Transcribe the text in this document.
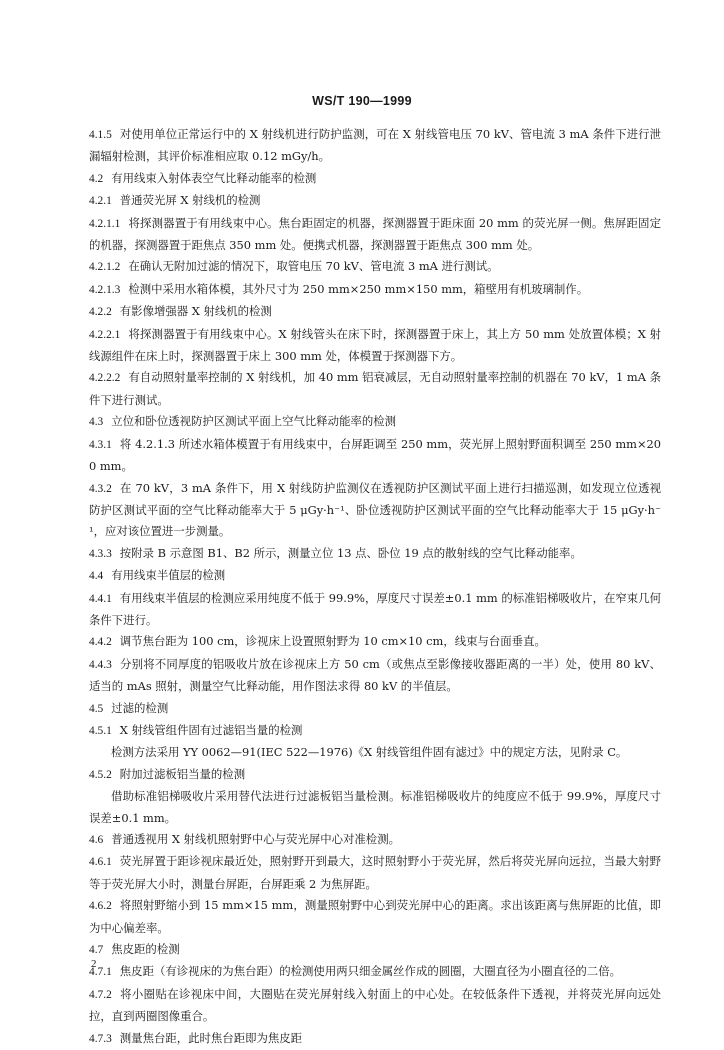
WS/T 190—1999

4.1.5 对使用单位正常运行中的 X 射线机进行防护监测，可在 X 射线管电压 70 kV、管电流 3 mA 条件下进行泄漏辐射检测，其评价标准相应取 0.12 mGy/h。

4.2 有用线束入射体表空气比释动能率的检测

4.2.1 普通荧光屏 X 射线机的检测

4.2.1.1 将探测器置于有用线束中心。焦台距固定的机器，探测器置于距床面 20 mm 的荧光屏一侧。焦屏距固定的机器，探测器置于距焦点 350 mm 处。便携式机器，探测器置于距焦点 300 mm 处。

4.2.1.2 在确认无附加过滤的情况下，取管电压 70 kV、管电流 3 mA 进行测试。

4.2.1.3 检测中采用水箱体模，其外尺寸为 250 mm×250 mm×150 mm，箱壁用有机玻璃制作。

4.2.2 有影像增强器 X 射线机的检测

4.2.2.1 将探测器置于有用线束中心。X 射线管头在床下时，探测器置于床上，其上方 50 mm 处放置体模；X 射线源组件在床上时，探测器置于床上 300 mm 处，体模置于探测器下方。

4.2.2.2 有自动照射量率控制的 X 射线机，加 40 mm 铝衰减层，无自动照射量率控制的机器在 70 kV，1 mA 条件下进行测试。

4.3 立位和卧位透视防护区测试平面上空气比释动能率的检测

4.3.1 将 4.2.1.3 所述水箱体模置于有用线束中，台屏距调至 250 mm，荧光屏上照射野面积调至 250 mm×200 mm。

4.3.2 在 70 kV，3 mA 条件下，用 X 射线防护监测仪在透视防护区测试平面上进行扫描巡测，如发现立位透视防护区测试平面的空气比释动能率大于 5 μGy·h⁻¹、卧位透视防护区测试平面的空气比释动能率大于 15 μGy·h⁻¹，应对该位置进一步测量。

4.3.3 按附录 B 示意图 B1、B2 所示，测量立位 13 点、卧位 19 点的散射线的空气比释动能率。

4.4 有用线束半值层的检测

4.4.1 有用线束半值层的检测应采用纯度不低于 99.9%，厚度尺寸误差±0.1 mm 的标准铝梯吸收片，在窄束几何条件下进行。

4.4.2 调节焦台距为 100 cm，诊视床上设置照射野为 10 cm×10 cm，线束与台面垂直。

4.4.3 分别将不同厚度的铝吸收片放在诊视床上方 50 cm（或焦点至影像接收器距离的一半）处，使用 80 kV、适当的 mAs 照射，测量空气比释动能，用作图法求得 80 kV 的半值层。

4.5 过滤的检测

4.5.1 X 射线管组件固有过滤铝当量的检测

检测方法采用 YY 0062—91(IEC 522—1976)《X 射线管组件固有滤过》中的规定方法，见附录 C。

4.5.2 附加过滤板铝当量的检测

借助标准铝梯吸收片采用替代法进行过滤板铝当量检测。标准铝梯吸收片的纯度应不低于 99.9%，厚度尺寸误差±0.1 mm。

4.6 普通透视用 X 射线机照射野中心与荧光屏中心对准检测。

4.6.1 荧光屏置于距诊视床最近处，照射野开到最大，这时照射野小于荧光屏，然后将荧光屏向远拉，当最大射野等于荧光屏大小时，测量台屏距，台屏距乘 2 为焦屏距。

4.6.2 将照射野缩小到 15 mm×15 mm，测量照射野中心到荧光屏中心的距离。求出该距离与焦屏距的比值，即为中心偏差率。

4.7 焦皮距的检测

4.7.1 焦皮距（有诊视床的为焦台距）的检测使用两只细金属丝作成的圆圈，大圈直径为小圈直径的二倍。

4.7.2 将小圈贴在诊视床中间，大圈贴在荧光屏射线入射面上的中心处。在较低条件下透视，并将荧光屏向远处拉，直到两圈图像重合。

4.7.3 测量焦台距，此时焦台距即为焦皮距

2
